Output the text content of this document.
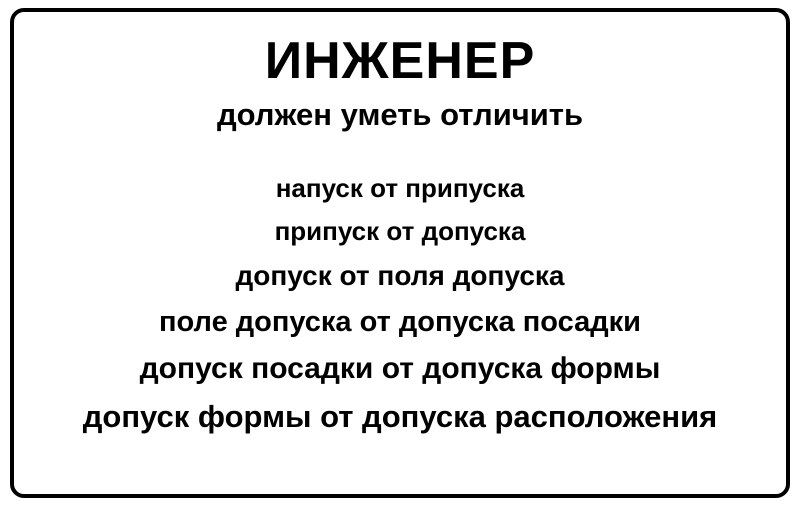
ИНЖЕНЕР
должен уметь отличить
напуск от припуска
припуск от допуска
допуск от поля допуска
поле допуска от допуска посадки
допуск посадки от допуска формы
допуск формы от допуска расположения
